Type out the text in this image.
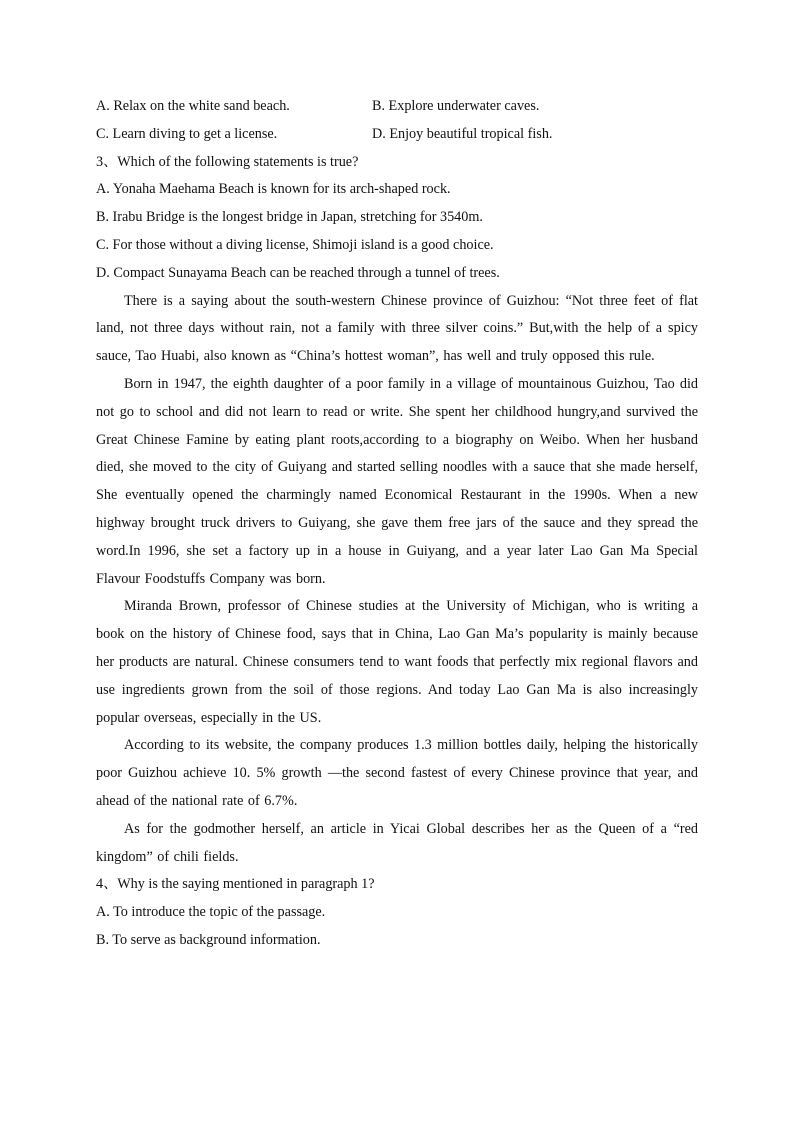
A. Relax on the white sand beach.	B. Explore underwater caves.
C. Learn diving to get a license.	D. Enjoy beautiful tropical fish.

3、Which of the following statements is true?

A. Yonaha Maehama Beach is known for its arch-shaped rock.

B. Irabu Bridge is the longest bridge in Japan, stretching for 3540m.

C. For those without a diving license, Shimoji island is a good choice.

D. Compact Sunayama Beach can be reached through a tunnel of trees.

There is a saying about the south-western Chinese province of Guizhou: “Not three feet of flat land, not three days without rain, not a family with three silver coins.” But,with the help of a spicy sauce, Tao Huabi, also known as “China’s hottest woman”, has well and truly opposed this rule.

Born in 1947, the eighth daughter of a poor family in a village of mountainous Guizhou, Tao did not go to school and did not learn to read or write. She spent her childhood hungry,and survived the Great Chinese Famine by eating plant roots,according to a biography on Weibo. When her husband died, she moved to the city of Guiyang and started selling noodles with a sauce that she made herself, She eventually opened the charmingly named Economical Restaurant in the 1990s. When a new highway brought truck drivers to Guiyang, she gave them free jars of the sauce and they spread the word.In 1996, she set a factory up in a house in Guiyang, and a year later Lao Gan Ma Special Flavour Foodstuffs Company was born.

Miranda Brown, professor of Chinese studies at the University of Michigan, who is writing a book on the history of Chinese food, says that in China, Lao Gan Ma’s popularity is mainly because her products are natural. Chinese consumers tend to want foods that perfectly mix regional flavors and use ingredients grown from the soil of those regions. And today Lao Gan Ma is also increasingly popular overseas, especially in the US.

According to its website, the company produces 1.3 million bottles daily, helping the historically poor Guizhou achieve 10. 5% growth —the second fastest of every Chinese province that year, and ahead of the national rate of 6.7%.

As for the godmother herself, an article in Yicai Global describes her as the Queen of a “red kingdom” of chili fields.

4、Why is the saying mentioned in paragraph 1?

A. To introduce the topic of the passage.

B. To serve as background information.
